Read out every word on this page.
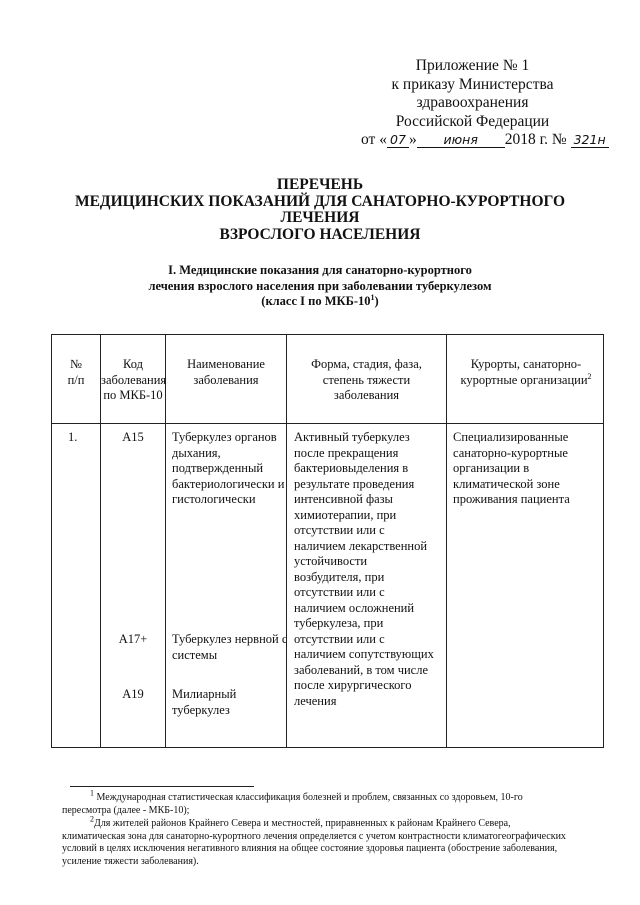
Приложение № 1
к приказу Министерства
здравоохранения
Российской Федерации
от « 07 » июня 2018 г. № 321н
ПЕРЕЧЕНЬ
МЕДИЦИНСКИХ ПОКАЗАНИЙ ДЛЯ САНАТОРНО-КУРОРТНОГО
ЛЕЧЕНИЯ
ВЗРОСЛОГО НАСЕЛЕНИЯ
I. Медицинские показания для санаторно-курортного
лечения взрослого населения при заболевании туберкулезом
(класс I по МКБ-$10^1$)
№
п/п
Код
заболевания
по МКБ-10
Наименование
заболевания
Форма, стадия, фаза,
степень тяжести
заболевания
Курорты, санаторно-
курортные организации$^2$
1.	A15
A17+
A19
Туберкулез органов
дыхания,
подтвержденный
бактериологически и
гистологически
Туберкулез нервной с
системы
Милиарный
туберкулез
Активный туберкулез
после прекращения
бактериовыделения в
результате проведения
интенсивной фазы
химиотерапии, при
отсутствии или с
наличием лекарственной
устойчивости
возбудителя, при
отсутствии или с
наличием осложнений
туберкулеза, при
отсутствии или с
наличием сопутствующих
заболеваний, в том числе
после хирургического
лечения
Специализированные
санаторно-курортные
организации в
климатической зоне
проживания пациента
$^1$ Международная статистическая классификация болезней и проблем, связанных со здоровьем, 10-го
пересмотра (далее - МКБ-10);
$^2$Для жителей районов Крайнего Севера и местностей, приравненных к районам Крайнего Севера,
климатическая зона для санаторно-курортного лечения определяется с учетом контрастности климатогеографических
условий в целях исключения негативного влияния на общее состояние здоровья пациента (обострение заболевания,
усиление тяжести заболевания).
